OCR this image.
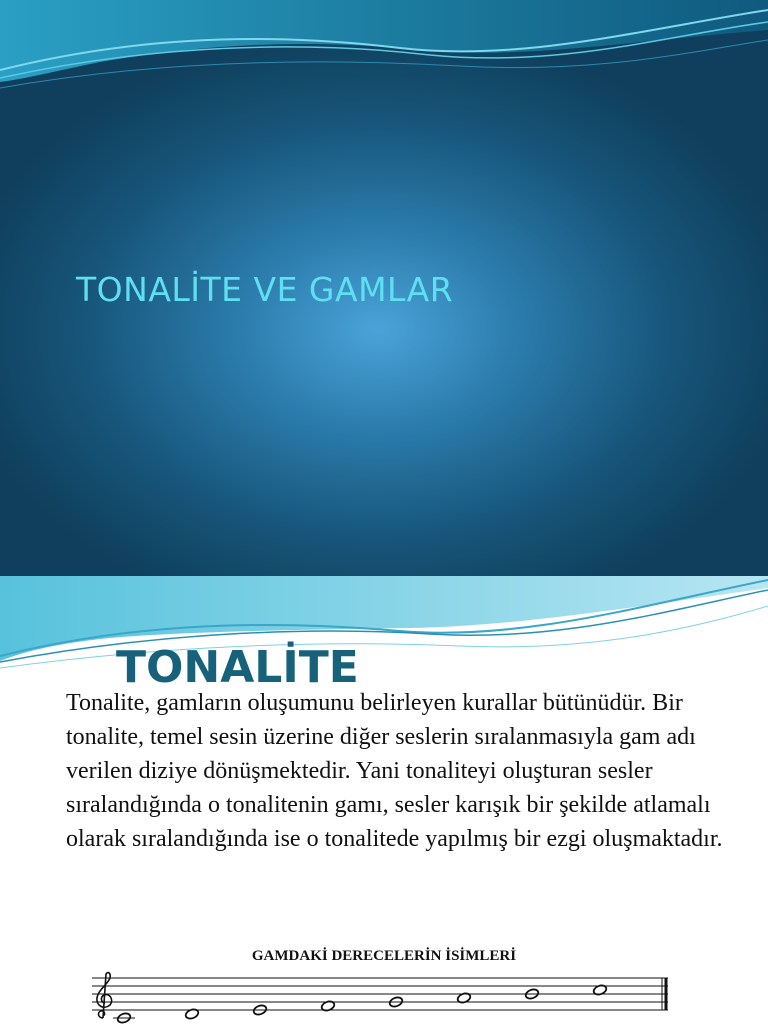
TONALİTE VE GAMLAR
TONALİTE

Tonalite, gamların oluşumunu belirleyen kurallar bütünüdür. Bir tonalite, temel sesin üzerine diğer seslerin sıralanmasıyla gam adı verilen diziye dönüşmektedir. Yani tonaliteyi oluşturan sesler sıralandığında o tonalitenin gamı, sesler karışık bir şekilde atlamalı olarak sıralandığında ise o tonalitede yapılmış bir ezgi oluşmaktadır.

GAMDAKİ DERECELERİN İSİMLERİ
